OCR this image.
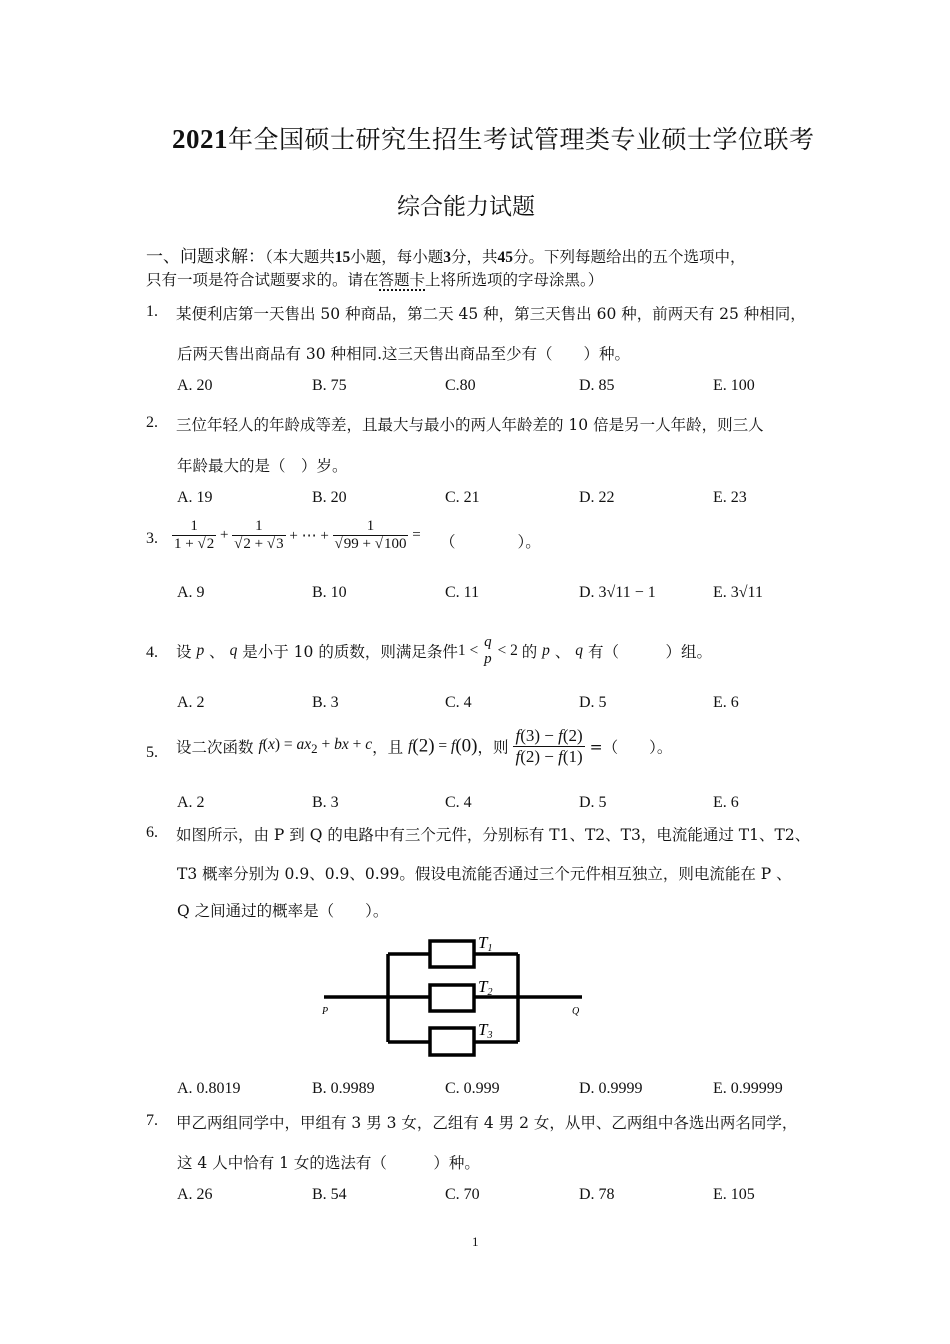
2021年全国硕士研究生招生考试管理类专业硕士学位联考
综合能力试题
一、问题求解：（本大题共15小题，每小题3分，共45分。下列每题给出的五个选项中，
只有一项是符合试题要求的。请在答题卡上将所选项的字母涂黑。）
1. 某便利店第一天售出 50 种商品，第二天 45 种，第三天售出 60 种，前两天有 25 种相同，
后两天售出商品有 30 种相同.这三天售出商品至少有（　　）种。
A. 20	B. 75	C.80	D. 85	E. 100
2. 三位年轻人的年龄成等差，且最大与最小的两人年龄差的 10 倍是另一人年龄，则三人
年龄最大的是（　）岁。
A. 19	B. 20	C. 21	D. 22	E. 23
3. $\frac{1}{1 + √2} + \frac{1}{√2 + √3}$ + ⋯ + $\frac{1}{√99 + √100}$ = （　　　　）。
A. 9	B. 10	C. 11	D. 3√11 − 1	E. 3√11
4. 设 p 、 q 是小于 10 的质数，则满足条件1 < q
p < 2 的 p 、 q 有（　　　）组。
A. 2	B. 3	C. 4	D. 5	E. 6
5. 设二次函数 $f(x) = ax_2$ + bx + c，且 f(2) = f(0)，则 $\frac{f(3) - f(2)}{f(2) - f(1)}$ =（　　）。
A. 2	B. 3	C. 4	D. 5	E. 6
6. 如图所示，由 P 到 Q 的电路中有三个元件，分别标有 T1、T2、T3，电流能通过 T1、T2、
T3 概率分别为 0.9、0.9、0.99。假设电流能否通过三个元件相互独立，则电流能在 P 、
Q 之间通过的概率是（　　）。
P	Q
T1
T2
T3
A. 0.8019	B. 0.9989	C. 0.999	D. 0.9999	E. 0.99999
7. 甲乙两组同学中，甲组有 3 男 3 女，乙组有 4 男 2 女，从甲、乙两组中各选出两名同学，
这 4 人中恰有 1 女的选法有（　　　）种。
A. 26	B. 54	C. 70	D. 78	E. 105
1
